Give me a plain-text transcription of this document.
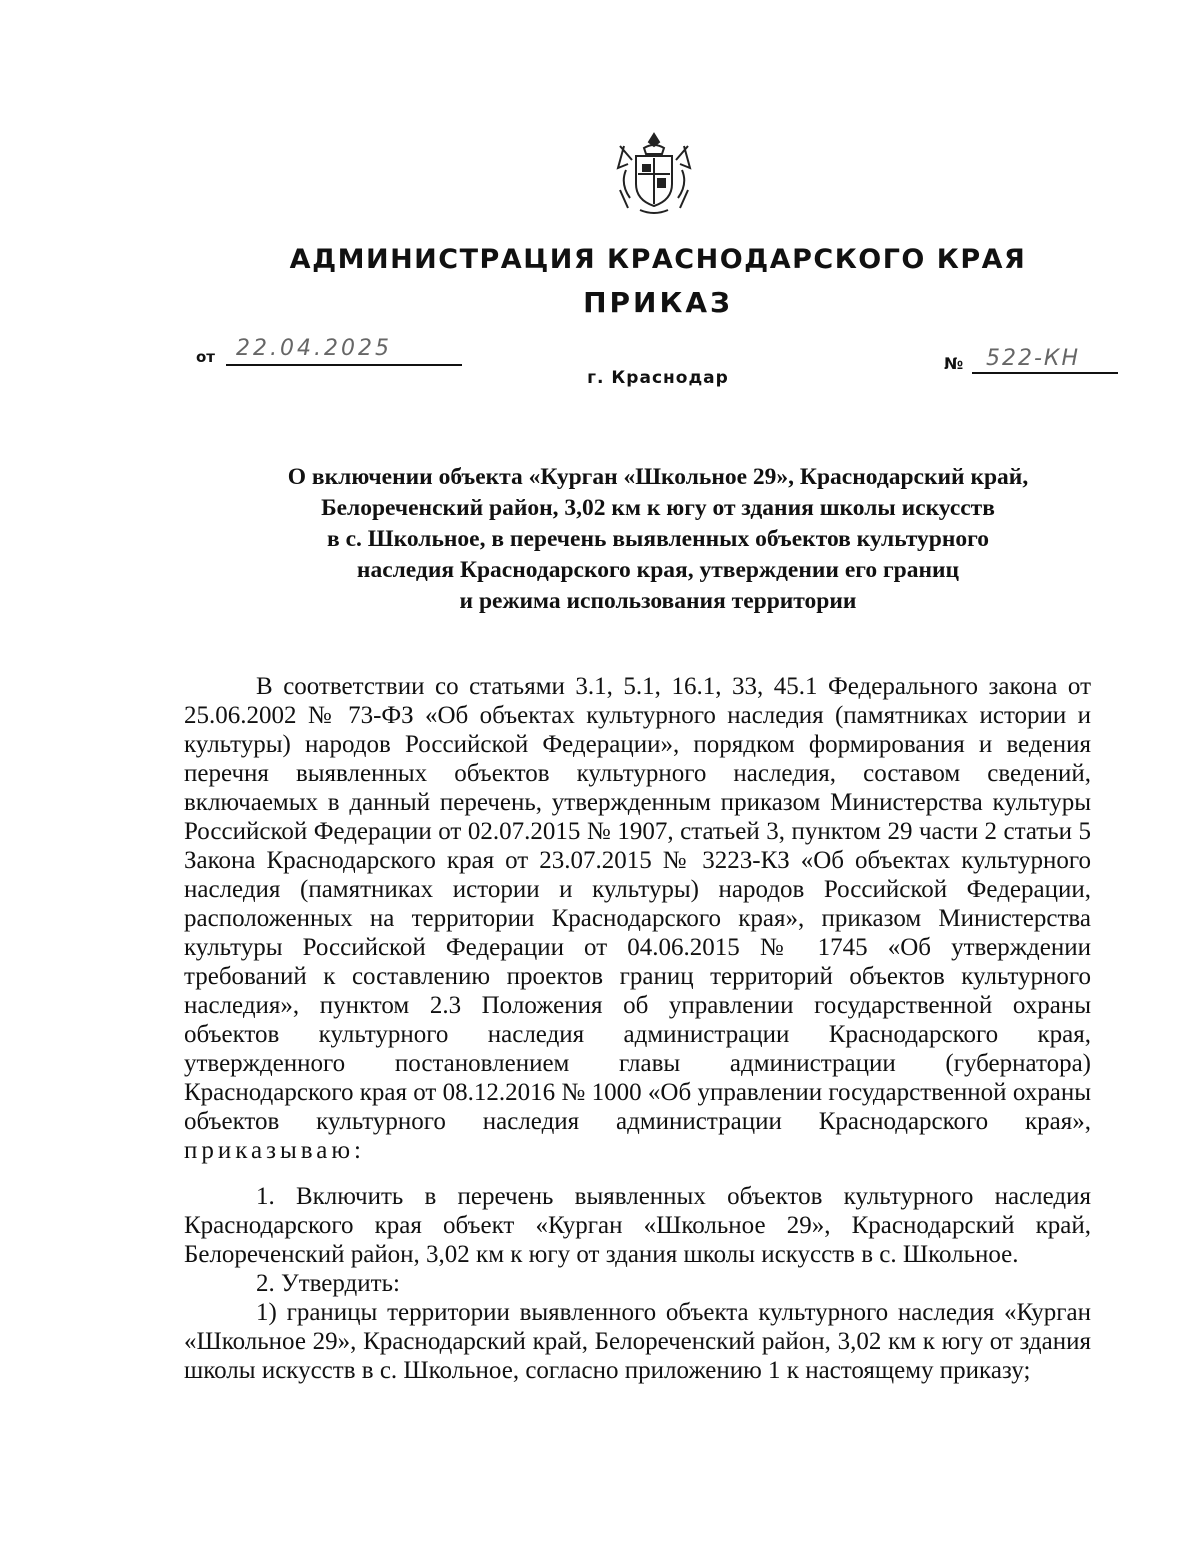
АДМИНИСТРАЦИЯ КРАСНОДАРСКОГО КРАЯ
ПРИКАЗ
от 22.04.2025
г. Краснодар
№ 522-КН
О включении объекта «Курган «Школьное 29», Краснодарский край,
Белореченский район, 3,02 км к югу от здания школы искусств
в с. Школьное, в перечень выявленных объектов культурного
наследия Краснодарского края, утверждении его границ
и режима использования территории

В соответствии со статьями 3.1, 5.1, 16.1, 33, 45.1 Федерального закона от 25.06.2002 № 73-ФЗ «Об объектах культурного наследия (памятниках истории и культуры) народов Российской Федерации», порядком формирования и ведения перечня выявленных объектов культурного наследия, составом сведений, включаемых в данный перечень, утвержденным приказом Министерства культуры Российской Федерации от 02.07.2015 № 1907, статьей 3, пунктом 29 части 2 статьи 5 Закона Краснодарского края от 23.07.2015 № 3223-КЗ «Об объектах культурного наследия (памятниках истории и культуры) народов Российской Федерации, расположенных на территории Краснодарского края», приказом Министерства культуры Российской Федерации от 04.06.2015 № 1745 «Об утверждении требований к составлению проектов границ территорий объектов культурного наследия», пунктом 2.3 Положения об управлении государственной охраны объектов культурного наследия администрации Краснодарского края, утвержденного постановлением главы администрации (губернатора) Краснодарского края от 08.12.2016 № 1000 «Об управлении государственной охраны объектов культурного наследия администрации Краснодарского края»,

приказываю:

1. Включить в перечень выявленных объектов культурного наследия Краснодарского края объект «Курган «Школьное 29», Краснодарский край, Белореченский район, 3,02 км к югу от здания школы искусств в с. Школьное.

2. Утвердить:

1) границы территории выявленного объекта культурного наследия «Курган «Школьное 29», Краснодарский край, Белореченский район, 3,02 км к югу от здания школы искусств в с. Школьное, согласно приложению 1 к настоящему приказу;
